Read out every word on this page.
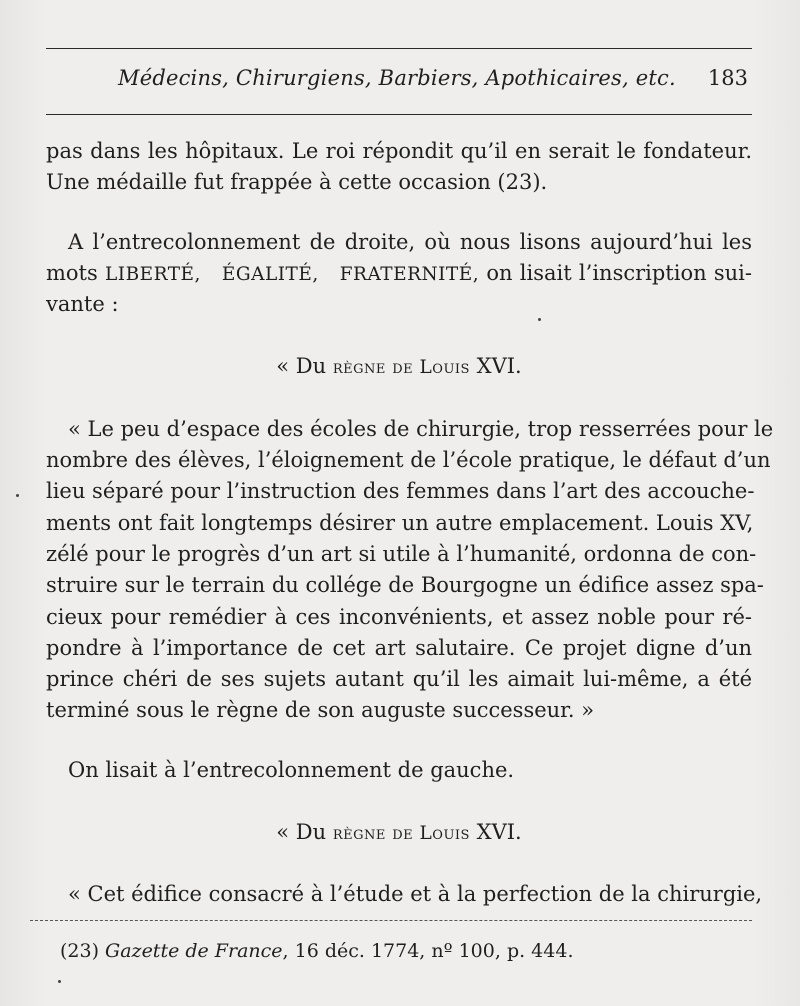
Médecins, Chirurgiens, Barbiers, Apothicaires, etc. 183
pas dans les hôpitaux. Le roi répondit qu’il en serait le fondateur.
Une médaille fut frappée à cette occasion (23).
A l’entrecolonnement de droite, où nous lisons aujourd’hui les
mots LIBERTÉ,  ÉGALITÉ,  FRATERNITÉ, on lisait l’inscription sui-
vante :
« Du règne de Louis XVI.
« Le peu d’espace des écoles de chirurgie, trop resserrées pour le
nombre des élèves, l’éloignement de l’école pratique, le défaut d’un
lieu séparé pour l’instruction des femmes dans l’art des accouche-
ments ont fait longtemps désirer un autre emplacement. Louis XV,
zélé pour le progrès d’un art si utile à l’humanité, ordonna de con-
struire sur le terrain du collége de Bourgogne un édifice assez spa-
cieux pour remédier à ces inconvénients, et assez noble pour ré-
pondre à l’importance de cet art salutaire. Ce projet digne d’un
prince chéri de ses sujets autant qu’il les aimait lui-même, a été
terminé sous le règne de son auguste successeur. »
On lisait à l’entrecolonnement de gauche.
« Du règne de Louis XVI.
« Cet édifice consacré à l’étude et à la perfection de la chirurgie,
(23) Gazette de France, 16 déc. 1774, nº 100, p. 444.
